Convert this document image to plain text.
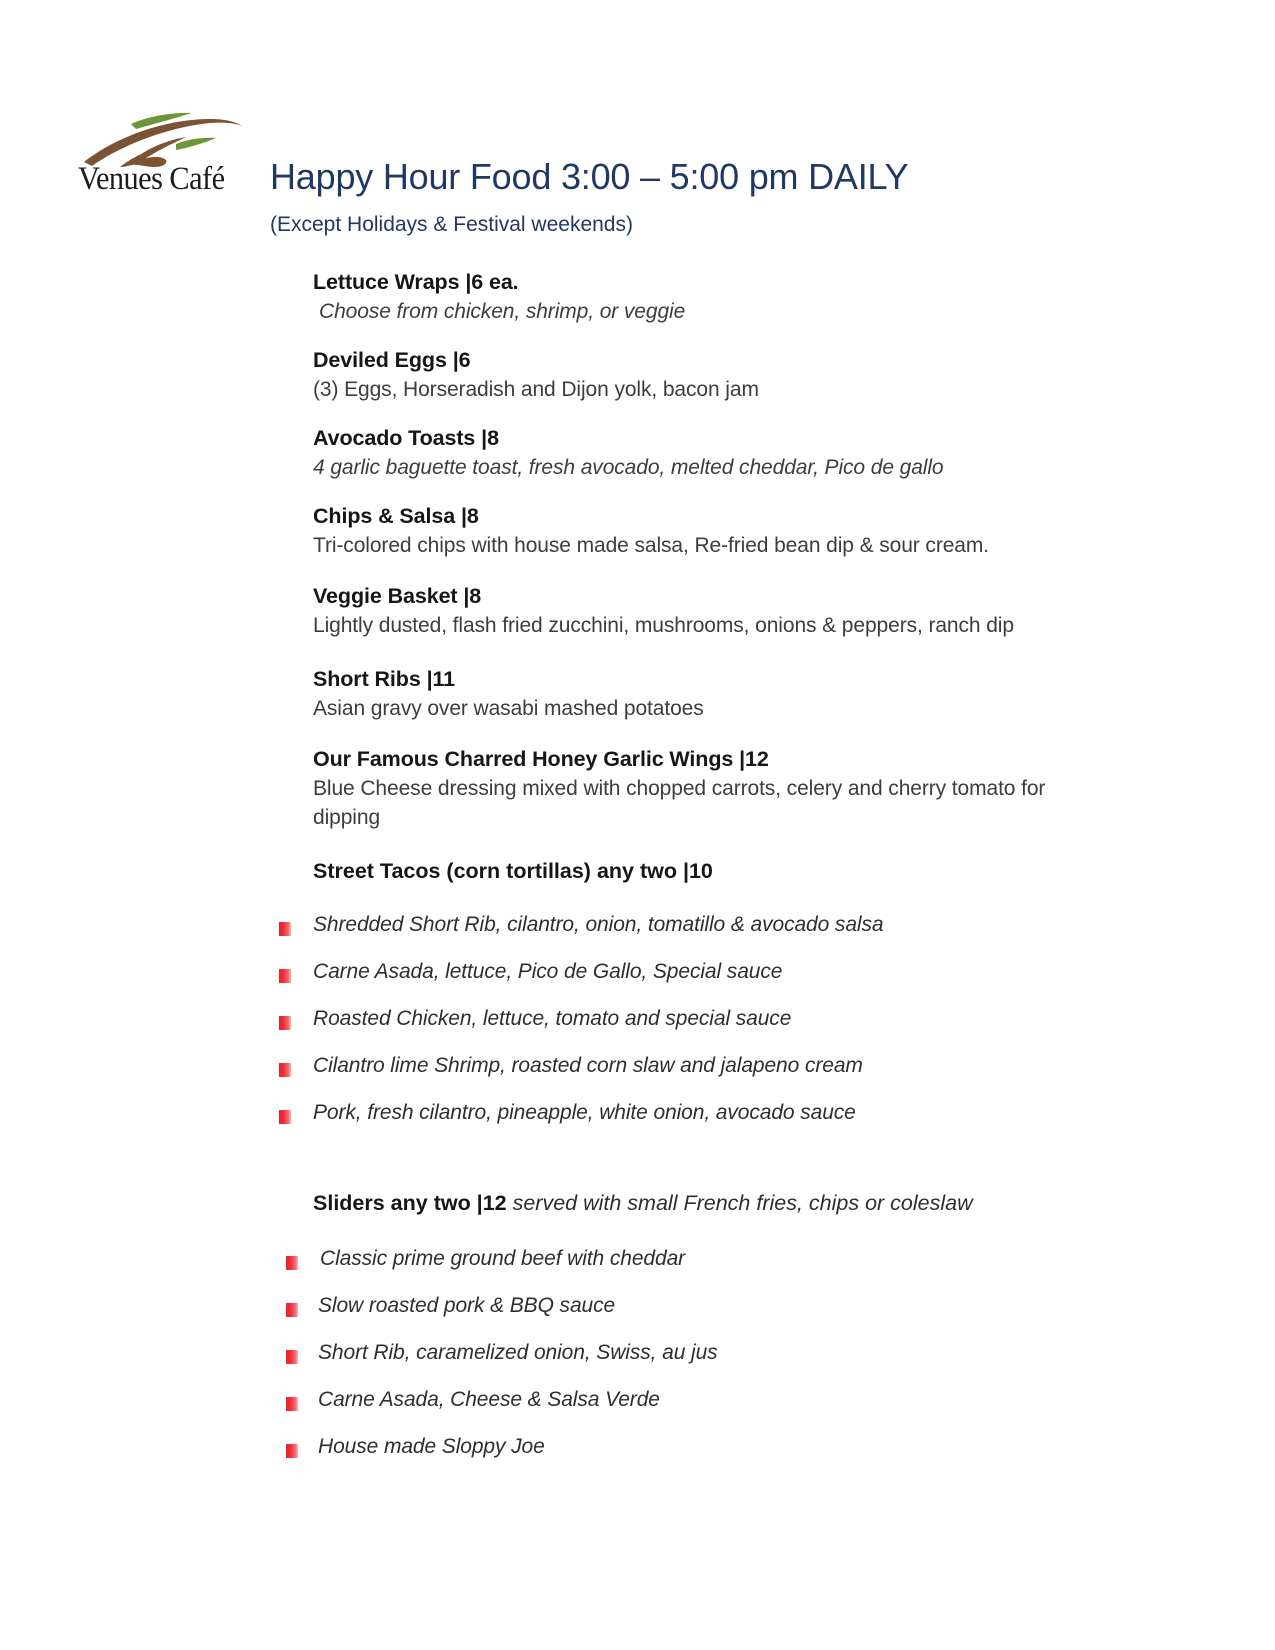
Venues Café	Happy Hour Food 3:00 – 5:00 pm DAILY
(Except Holidays & Festival weekends)
Lettuce Wraps |6 ea.
Choose from chicken, shrimp, or veggie
Deviled Eggs |6
(3) Eggs, Horseradish and Dijon yolk, bacon jam
Avocado Toasts |8
4 garlic baguette toast, fresh avocado, melted cheddar, Pico de gallo
Chips & Salsa |8
Tri-colored chips with house made salsa, Re-fried bean dip & sour cream.
Veggie Basket |8
Lightly dusted, flash fried zucchini, mushrooms, onions & peppers, ranch dip
Short Ribs |11
Asian gravy over wasabi mashed potatoes
Our Famous Charred Honey Garlic Wings |12
Blue Cheese dressing mixed with chopped carrots, celery and cherry tomato for dipping
Street Tacos (corn tortillas) any two |10
Shredded Short Rib, cilantro, onion, tomatillo & avocado salsa
Carne Asada, lettuce, Pico de Gallo, Special sauce
Roasted Chicken, lettuce, tomato and special sauce
Cilantro lime Shrimp, roasted corn slaw and jalapeno cream
Pork, fresh cilantro, pineapple, white onion, avocado sauce
Sliders any two |12 served with small French fries, chips or coleslaw
Classic prime ground beef with cheddar
Slow roasted pork & BBQ sauce
Short Rib, caramelized onion, Swiss, au jus
Carne Asada, Cheese & Salsa Verde
House made Sloppy Joe
